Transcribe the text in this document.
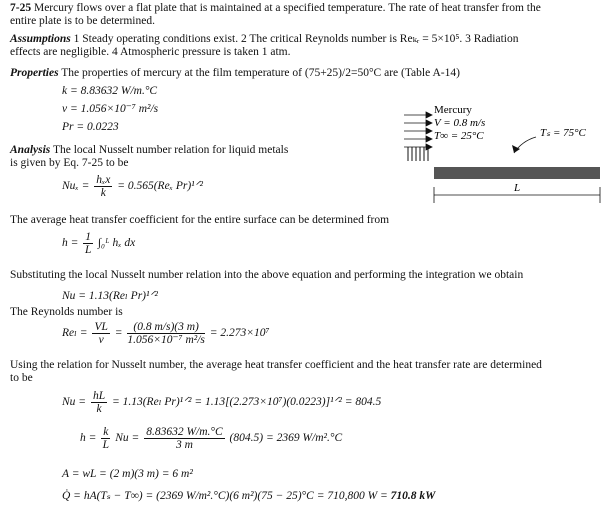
7-25 Mercury flows over a flat plate that is maintained at a specified temperature. The rate of heat transfer from the
entire plate is to be determined.
Assumptions 1 Steady operating conditions exist. 2 The critical Reynolds number is Reₖᵣ = 5×10⁵. 3 Radiation
effects are negligible. 4 Atmospheric pressure is taken 1 atm.
Properties The properties of mercury at the film temperature of (75+25)/2=50°C are (Table A-14)
k = 8.83632 W/m.°C
ν = 1.056×10⁻⁷ m²/s
Pr = 0.0223
Analysis The local Nusselt number relation for liquid metals
is given by Eq. 7-25 to be
$Nu_x = \frac{\text{hₓx}}{k} = 0.565(Re_x$ Pr)¹ᐟ²
The average heat transfer coefficient for the entire surface can be determined from
$h = \frac{1}{L}$ ∫₀ᴸ hₓ dx
Substituting the local Nusselt number relation into the above equation and performing the integration we obtain
Nu = 1.13(Reₗ Pr)¹ᐟ²
The Reynolds number is
$Re_l = \frac{VL}{\nu} = \frac{(0.8 m/s)(3 m)}{\text{1.056×10⁻⁷ m²/s}} = 2.273\times 10^7$
Using the relation for Nusselt number, the average heat transfer coefficient and the heat transfer rate are determined
to be
$Nu = \frac{hL}{k} = 1.13(Re_l$ Pr)¹ᐟ² = 1.13[(2.273×10⁷)(0.0223)]¹ᐟ² = 804.5
$h = \frac{k}{L}$ $Nu = \frac{8.83632 W/m.^\circ C}{3 m} (804.5) = 2369$ W/m².°C
A = wL = (2 m)(3 m) = 6 m²
Q̇ = hA(Tₛ − T∞) = (2369 W/m².°C)(6 m²)(75 − 25)°C = 710,800 W = 710.8 kW
Mercury
V = 0.8 m/s
T∞ = 25°C	Tₛ = 75°C
L
